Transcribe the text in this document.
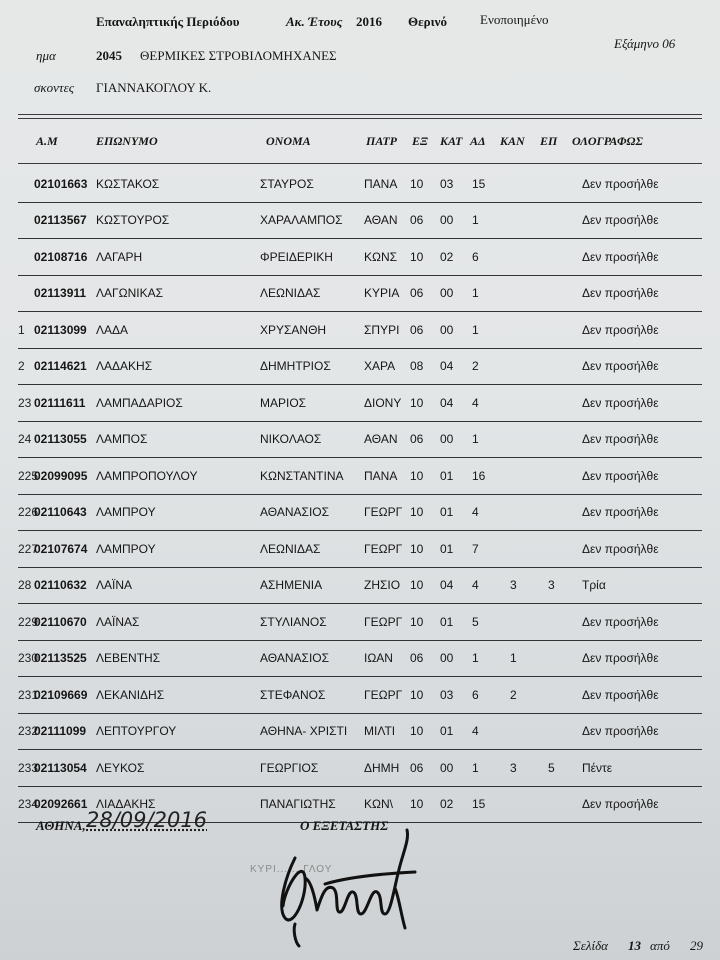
Επαναληπτικής Περιόδου	Ακ. Έτους 2016 Θερινό	Ενοποιημένο
ημα	2045 ΘΕΡΜΙΚΕΣ ΣΤΡΟΒΙΛΟΜΗΧΑΝΕΣ
Εξάμηνο 06
σκοντες ΓΙΑΝΝΑΚΟΓΛΟΥ Κ.
Α.Μ	ΕΠΩΝΥΜΟ	ΟΝΟΜΑ	ΠΑΤΡ ΕΞ ΚΑΤ ΑΔ ΚΑΝ ΕΠ ΟΛΟΓΡΑΦΩΣ
	02101663	ΚΩΣΤΑΚΟΣ	ΣΤΑΥΡΟΣ	ΠΑΝΑ	10	03	15			Δεν προσήλθε
	02113567	ΚΩΣΤΟΥΡΟΣ	ΧΑΡΑΛΑΜΠΟΣ	ΑΘΑΝ	06	00	1			Δεν προσήλθε
	02108716	ΛΑΓΑΡΗ	ΦΡΕΙΔΕΡΙΚΗ	ΚΩΝΣ	10	02	6			Δεν προσήλθε
	02113911	ΛΑΓΩΝΙΚΑΣ	ΛΕΩΝΙΔΑΣ	ΚΥΡΙΑ	06	00	1			Δεν προσήλθε
1	02113099	ΛΑΔΑ	ΧΡΥΣΑΝΘΗ	ΣΠΥΡΙ	06	00	1			Δεν προσήλθε
2	02114621	ΛΑΔΑΚΗΣ	ΔΗΜΗΤΡΙΟΣ	ΧΑΡΑ	08	04	2			Δεν προσήλθε
23	02111611	ΛΑΜΠΑΔΑΡΙΟΣ	ΜΑΡΙΟΣ	ΔΙΟΝΥ	10	04	4			Δεν προσήλθε
24	02113055	ΛΑΜΠΟΣ	ΝΙΚΟΛΑΟΣ	ΑΘΑΝ	06	00	1			Δεν προσήλθε
225	02099095	ΛΑΜΠΡΟΠΟΥΛΟΥ	ΚΩΝΣΤΑΝΤΙΝΑ	ΠΑΝΑ	10	01	16			Δεν προσήλθε
226	02110643	ΛΑΜΠΡΟΥ	ΑΘΑΝΑΣΙΟΣ	ΓΕΩΡΓ	10	01	4			Δεν προσήλθε
227	02107674	ΛΑΜΠΡΟΥ	ΛΕΩΝΙΔΑΣ	ΓΕΩΡΓ	10	01	7			Δεν προσήλθε
28	02110632	ΛΑΪΝΑ	ΑΣΗΜΕΝΙΑ	ΖΗΣΙΟ	10	04	4	3	3	Τρία
229	02110670	ΛΑΪΝΑΣ	ΣΤΥΛΙΑΝΟΣ	ΓΕΩΡΓ	10	01	5			Δεν προσήλθε
230	02113525	ΛΕΒΕΝΤΗΣ	ΑΘΑΝΑΣΙΟΣ	ΙΩΑΝ	06	00	1	1		Δεν προσήλθε
231	02109669	ΛΕΚΑΝΙΔΗΣ	ΣΤΕΦΑΝΟΣ	ΓΕΩΡΓ	10	03	6	2		Δεν προσήλθε
232	02111099	ΛΕΠΤΟΥΡΓΟΥ	ΑΘΗΝΑ- ΧΡΙΣΤΙ	ΜΙΛΤΙ	10	01	4			Δεν προσήλθε
233	02113054	ΛΕΥΚΟΣ	ΓΕΩΡΓΙΟΣ	ΔΗΜΗ	06	00	1	3	5	Πέντε
234	02092661	ΛΙΑΔΑΚΗΣ	ΠΑΝΑΓΙΩΤΗΣ	ΚΩΝ\	10	02	15			Δεν προσήλθε
ΑΘΗΝΑ, 28/09/2016	Ο ΕΞΕΤΑΣΤΗΣ
ΚΥΡΙ... ...ΓΛΟΥ
Σελίδα 13 από 29
